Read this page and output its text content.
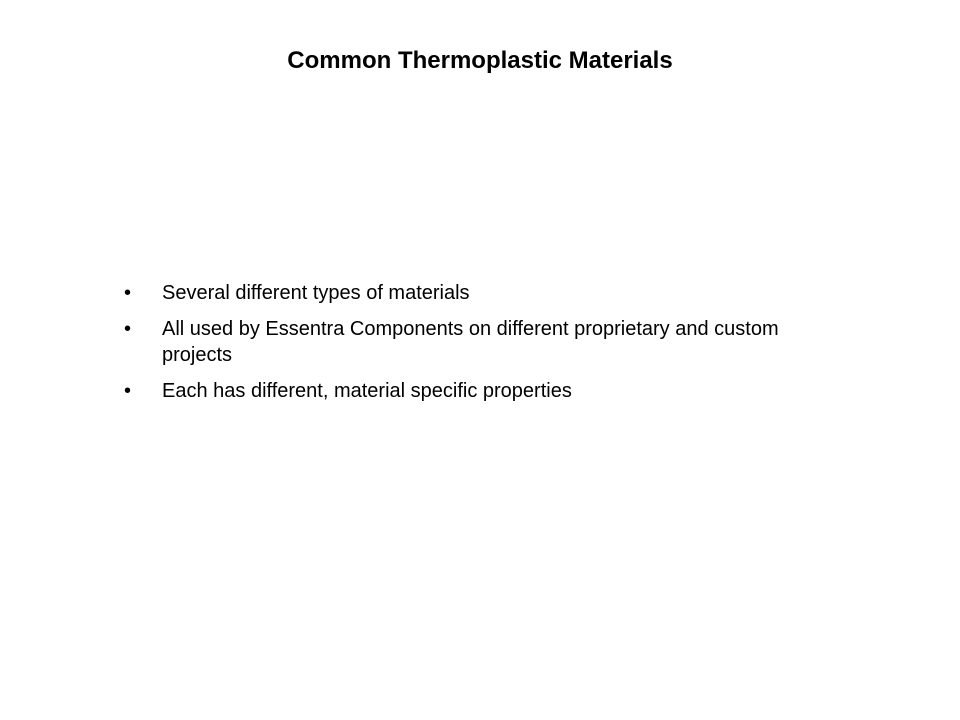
Common Thermoplastic Materials
•	Several different types of materials
•	All used by Essentra Components on different proprietary and custom projects
•	Each has different, material specific properties
